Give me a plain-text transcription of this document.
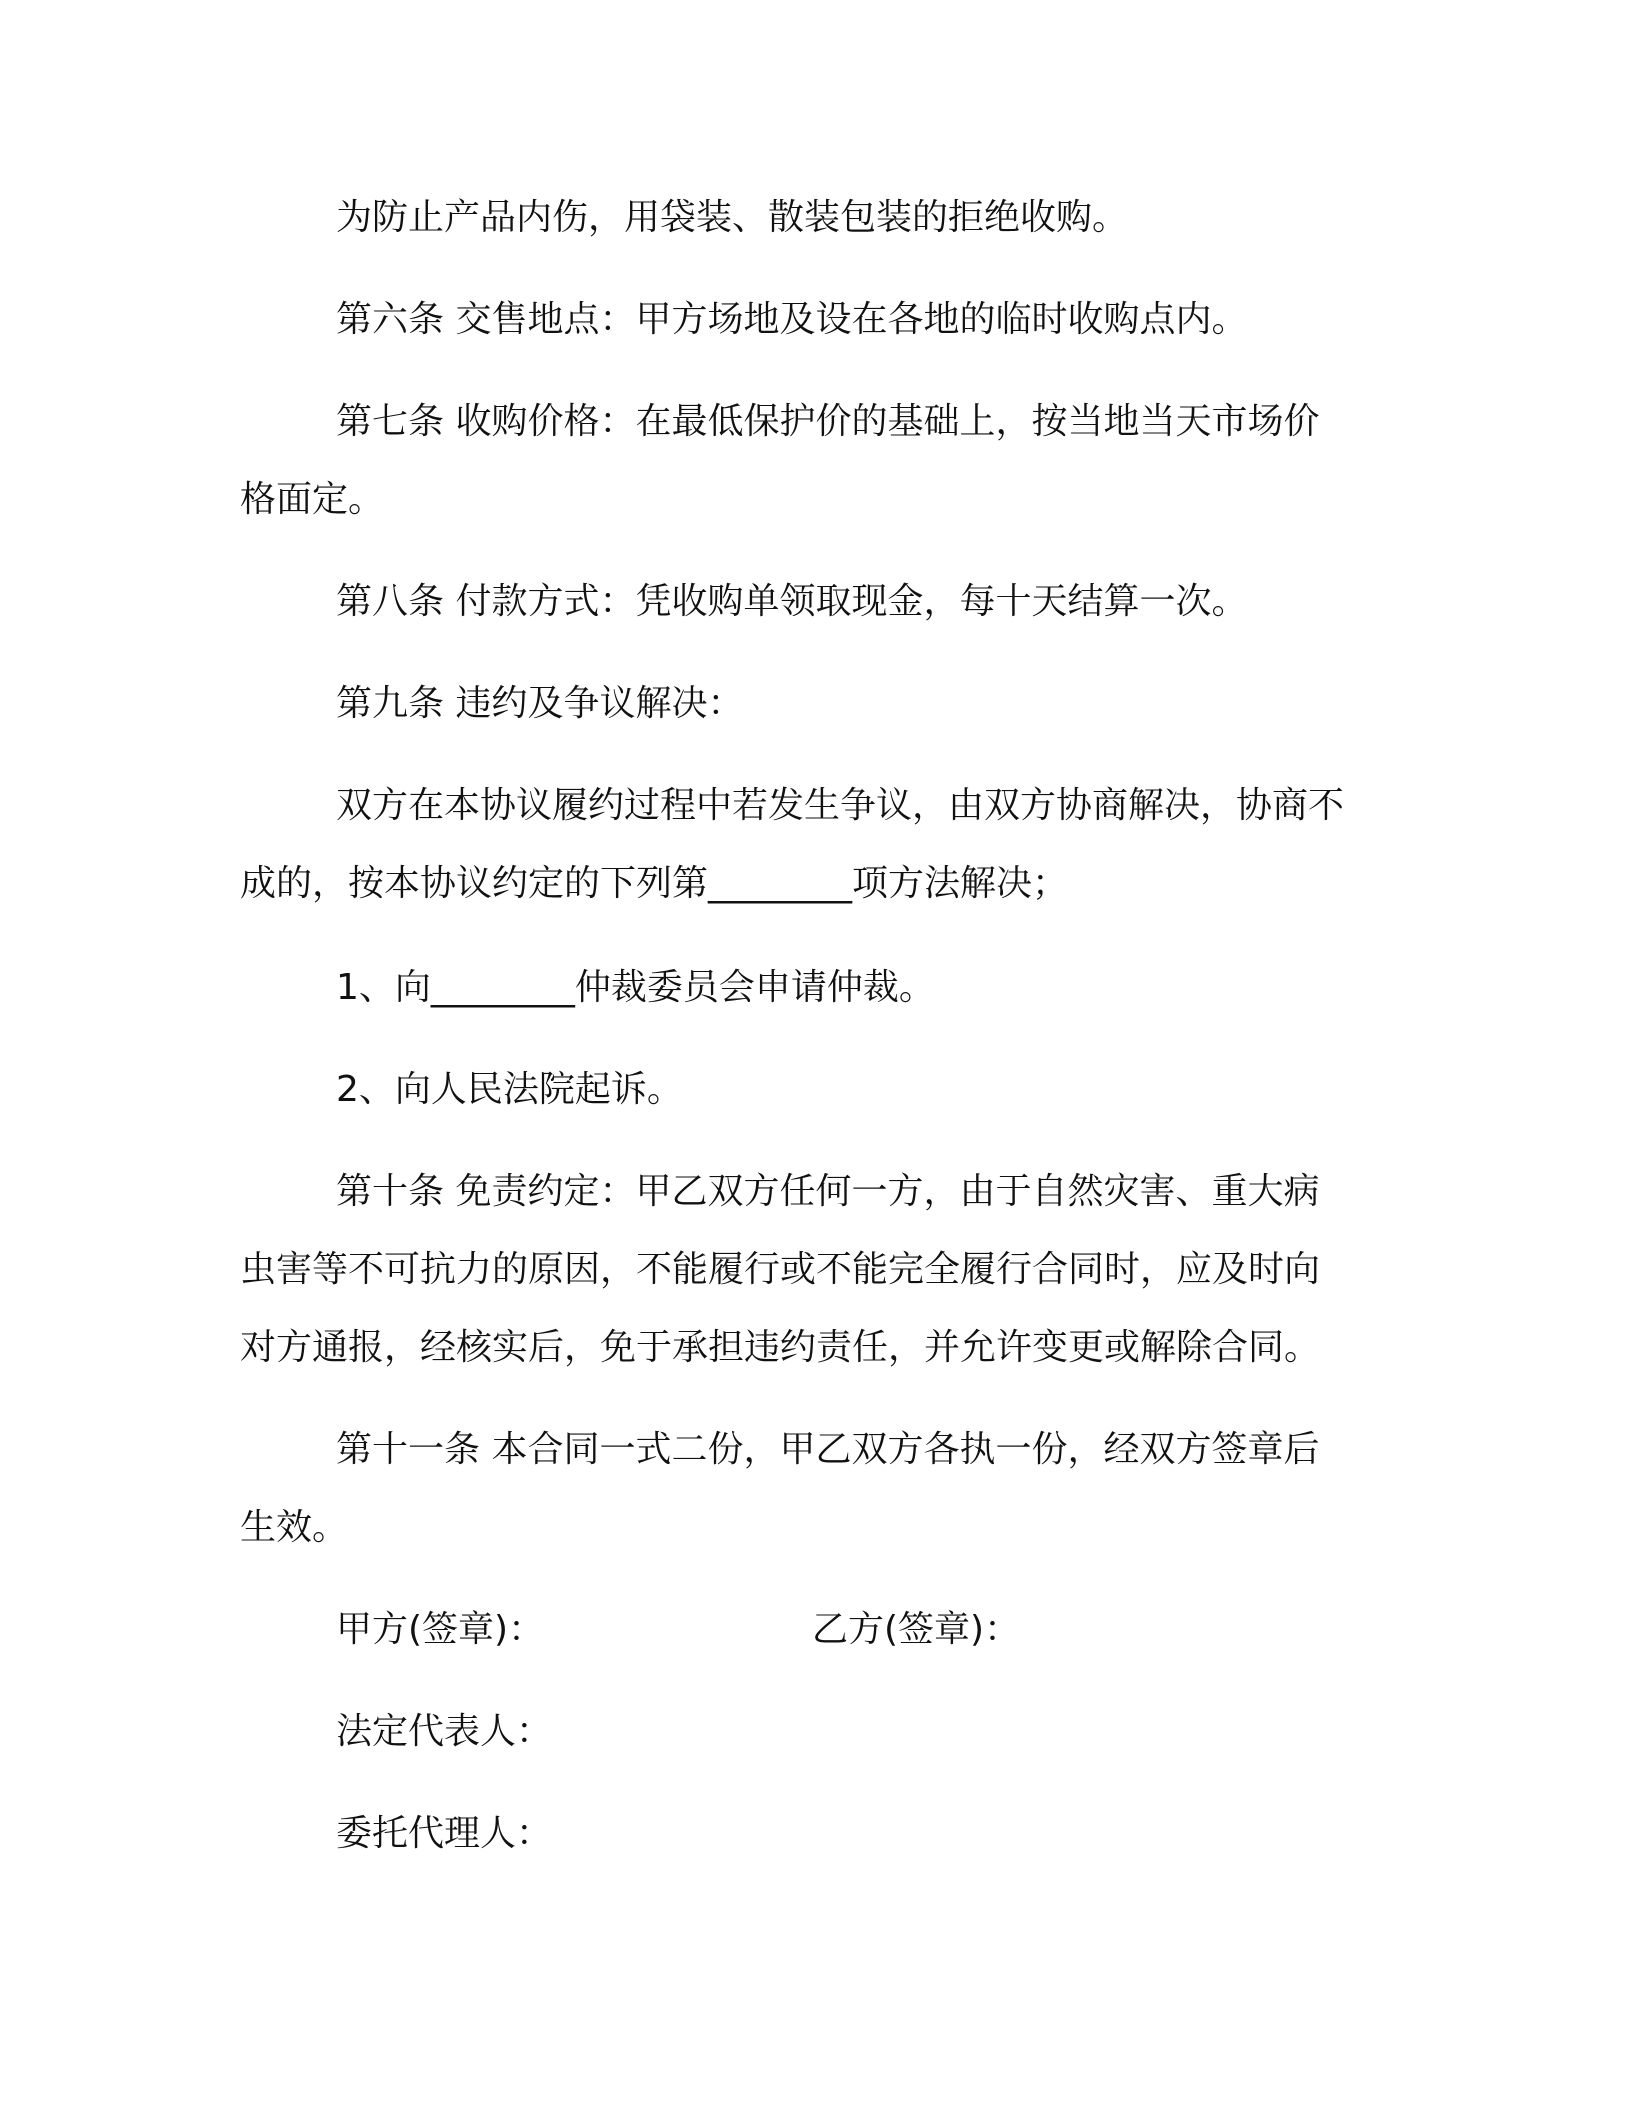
为防止产品内伤，用袋装、散装包装的拒绝收购。
第六条 交售地点：甲方场地及设在各地的临时收购点内。
第七条 收购价格：在最低保护价的基础上，按当地当天市场价
格面定。
第八条 付款方式：凭收购单领取现金，每十天结算一次。
第九条 违约及争议解决：
双方在本协议履约过程中若发生争议，由双方协商解决，协商不
成的，按本协议约定的下列第________项方法解决；
1、向________仲裁委员会申请仲裁。
2、向人民法院起诉。
第十条 免责约定：甲乙双方任何一方，由于自然灾害、重大病
虫害等不可抗力的原因，不能履行或不能完全履行合同时，应及时向
对方通报，经核实后，免于承担违约责任，并允许变更或解除合同。
第十一条 本合同一式二份，甲乙双方各执一份，经双方签章后
生效。
甲方(签章)：	乙方(签章)：
法定代表人：
委托代理人：
